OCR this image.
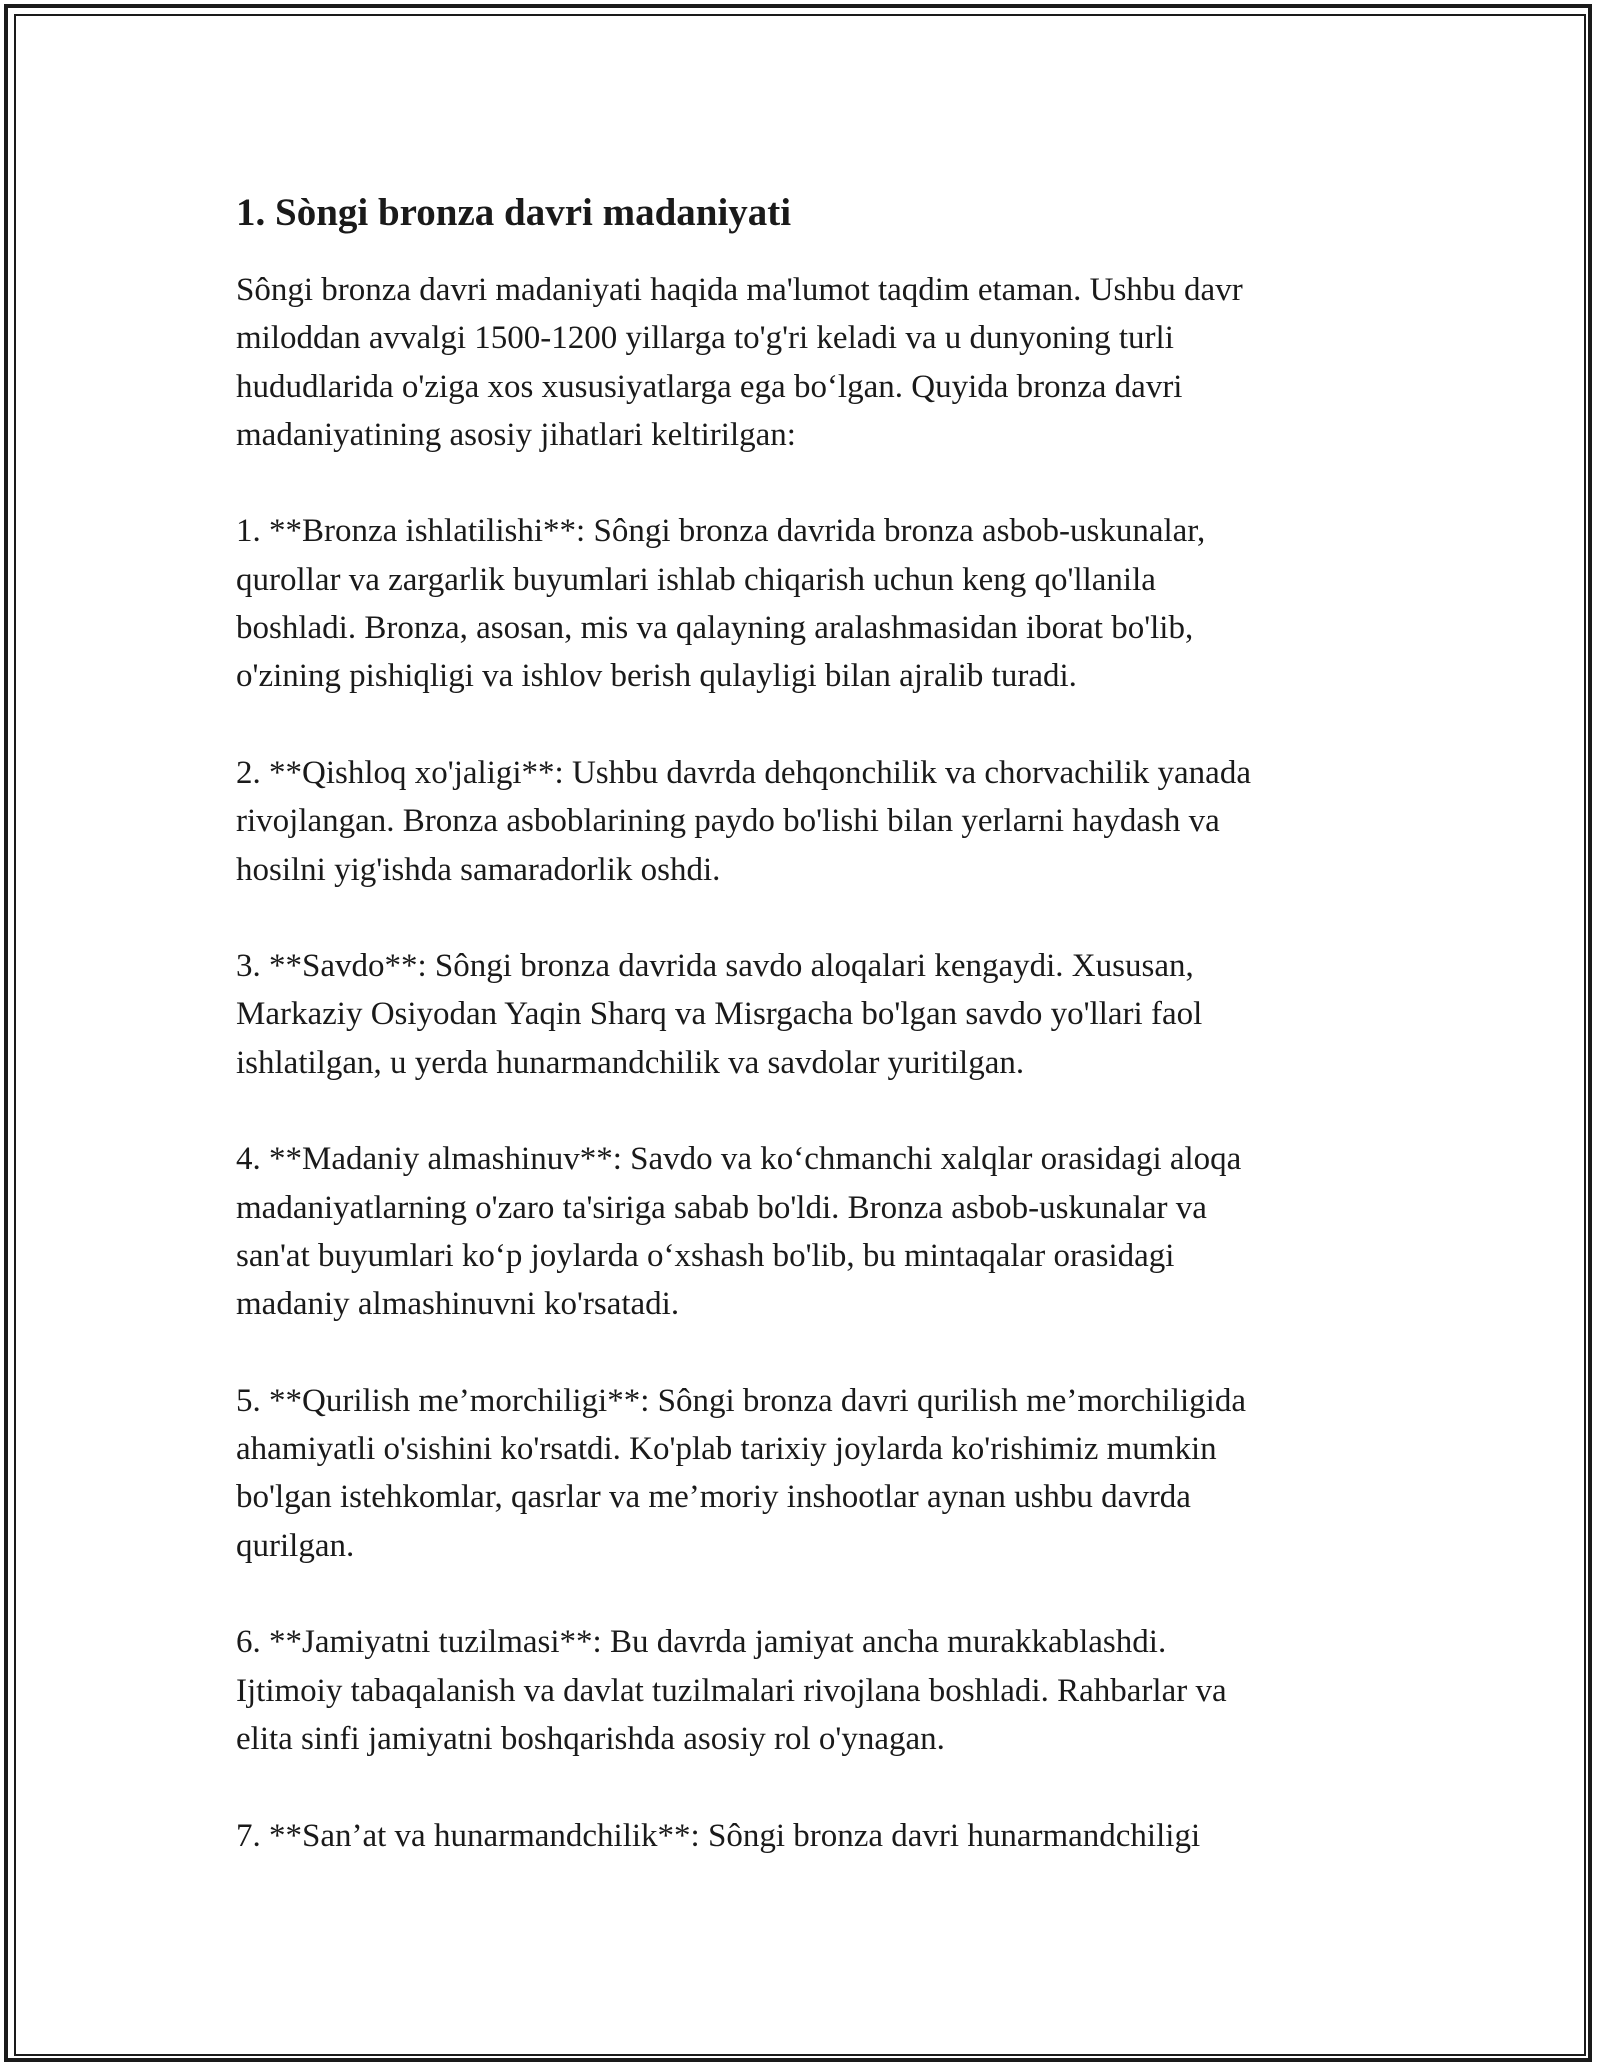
1. Sòngi bronza davri madaniyati

Sôngi bronza davri madaniyati haqida ma'lumot taqdim etaman. Ushbu davr
miloddan avvalgi 1500-1200 yillarga to'g'ri keladi va u dunyoning turli
hududlarida o'ziga xos xususiyatlarga ega bo‘lgan. Quyida bronza davri
madaniyatining asosiy jihatlari keltirilgan:

1. **Bronza ishlatilishi**: Sôngi bronza davrida bronza asbob-uskunalar,
qurollar va zargarlik buyumlari ishlab chiqarish uchun keng qo'llanila
boshladi. Bronza, asosan, mis va qalayning aralashmasidan iborat bo'lib,
o'zining pishiqligi va ishlov berish qulayligi bilan ajralib turadi.

2. **Qishloq xo'jaligi**: Ushbu davrda dehqonchilik va chorvachilik yanada
rivojlangan. Bronza asboblarining paydo bo'lishi bilan yerlarni haydash va
hosilni yig'ishda samaradorlik oshdi.

3. **Savdo**: Sôngi bronza davrida savdo aloqalari kengaydi. Xususan,
Markaziy Osiyodan Yaqin Sharq va Misrgacha bo'lgan savdo yo'llari faol
ishlatilgan, u yerda hunarmandchilik va savdolar yuritilgan.

4. **Madaniy almashinuv**: Savdo va ko‘chmanchi xalqlar orasidagi aloqa
madaniyatlarning o'zaro ta'siriga sabab bo'ldi. Bronza asbob-uskunalar va
san'at buyumlari ko‘p joylarda o‘xshash bo'lib, bu mintaqalar orasidagi
madaniy almashinuvni ko'rsatadi.

5. **Qurilish me’morchiligi**: Sôngi bronza davri qurilish me’morchiligida
ahamiyatli o'sishini ko'rsatdi. Ko'plab tarixiy joylarda ko'rishimiz mumkin
bo'lgan istehkomlar, qasrlar va me’moriy inshootlar aynan ushbu davrda
qurilgan.

6. **Jamiyatni tuzilmasi**: Bu davrda jamiyat ancha murakkablashdi.
Ijtimoiy tabaqalanish va davlat tuzilmalari rivojlana boshladi. Rahbarlar va
elita sinfi jamiyatni boshqarishda asosiy rol o'ynagan.

7. **San’at va hunarmandchilik**: Sôngi bronza davri hunarmandchiligi
